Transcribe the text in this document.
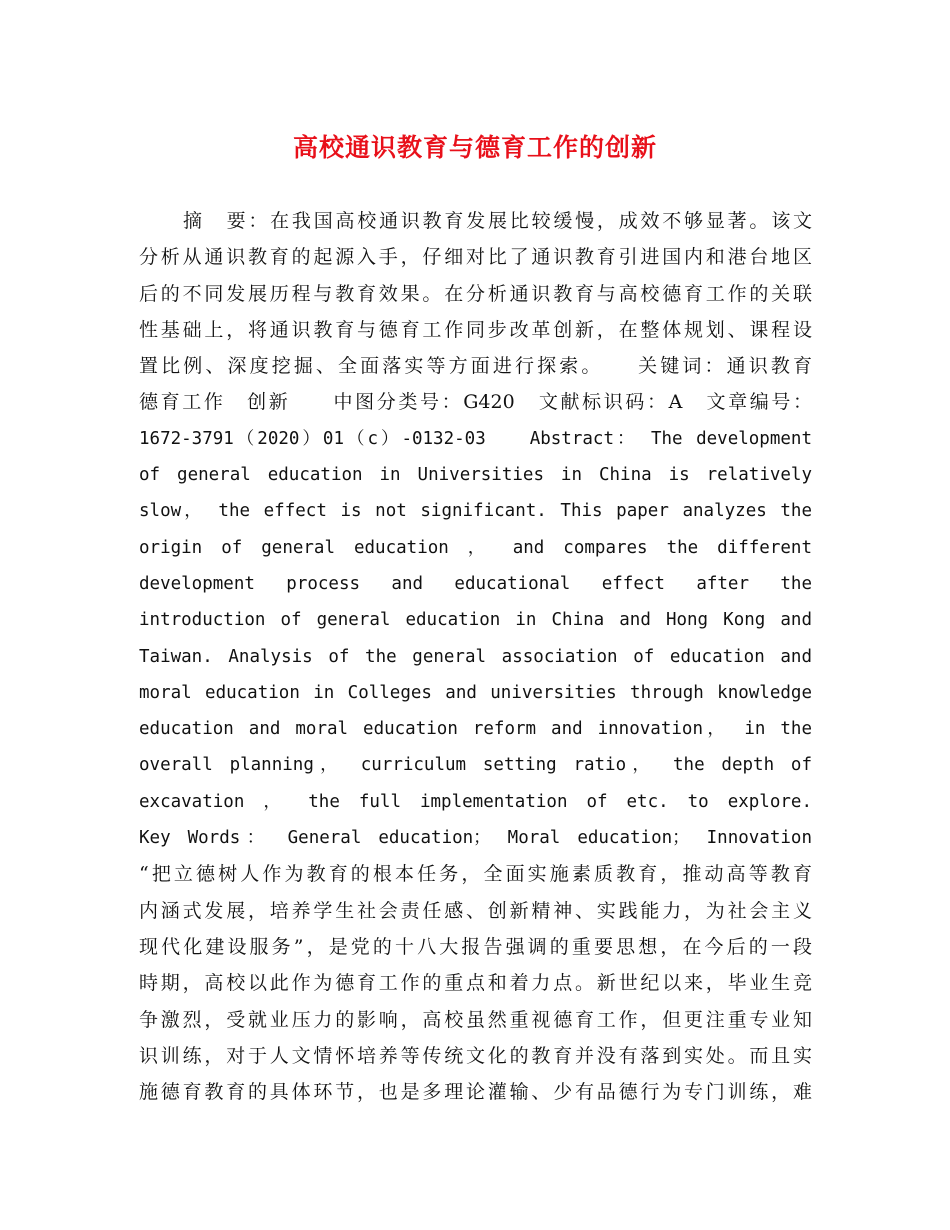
高校通识教育与德育工作的创新
摘　要：在我国高校通识教育发展比较缓慢，成效不够显著。该文
分析从通识教育的起源入手，仔细对比了通识教育引进国内和港台地区
后的不同发展历程与教育效果。在分析通识教育与高校德育工作的关联
性基础上，将通识教育与德育工作同步改革创新，在整体规划、课程设
置比例、深度挖掘、全面落实等方面进行探索。　　关键词：通识教育
德育工作　创新　　中图分类号：G420　文献标识码：A　文章编号：
1672-3791（2020）01（c）-0132-03　　Abstract： The development
of general education in Universities in China is relatively
slow， the effect is not significant. This paper analyzes the
origin of general education ， and compares the different
development process and educational effect after the
introduction of general education in China and Hong Kong and
Taiwan. Analysis of the general association of education and
moral education in Colleges and universities through knowledge
education and moral education reform and innovation， in the
overall planning， curriculum setting ratio， the depth of
excavation ， the full implementation of etc. to explore.
Key Words： General education； Moral education； Innovation
“把立德树人作为教育的根本任务，全面实施素质教育，推动高等教育
内涵式发展，培养学生社会责任感、创新精神、实践能力，为社会主义
现代化建设服务”，是党的十八大报告强调的重要思想，在今后的一段
時期，高校以此作为德育工作的重点和着力点。新世纪以来，毕业生竞
争激烈，受就业压力的影响，高校虽然重视德育工作，但更注重专业知
识训练，对于人文情怀培养等传统文化的教育并没有落到实处。而且实
施德育教育的具体环节，也是多理论灌输、少有品德行为专门训练，难
